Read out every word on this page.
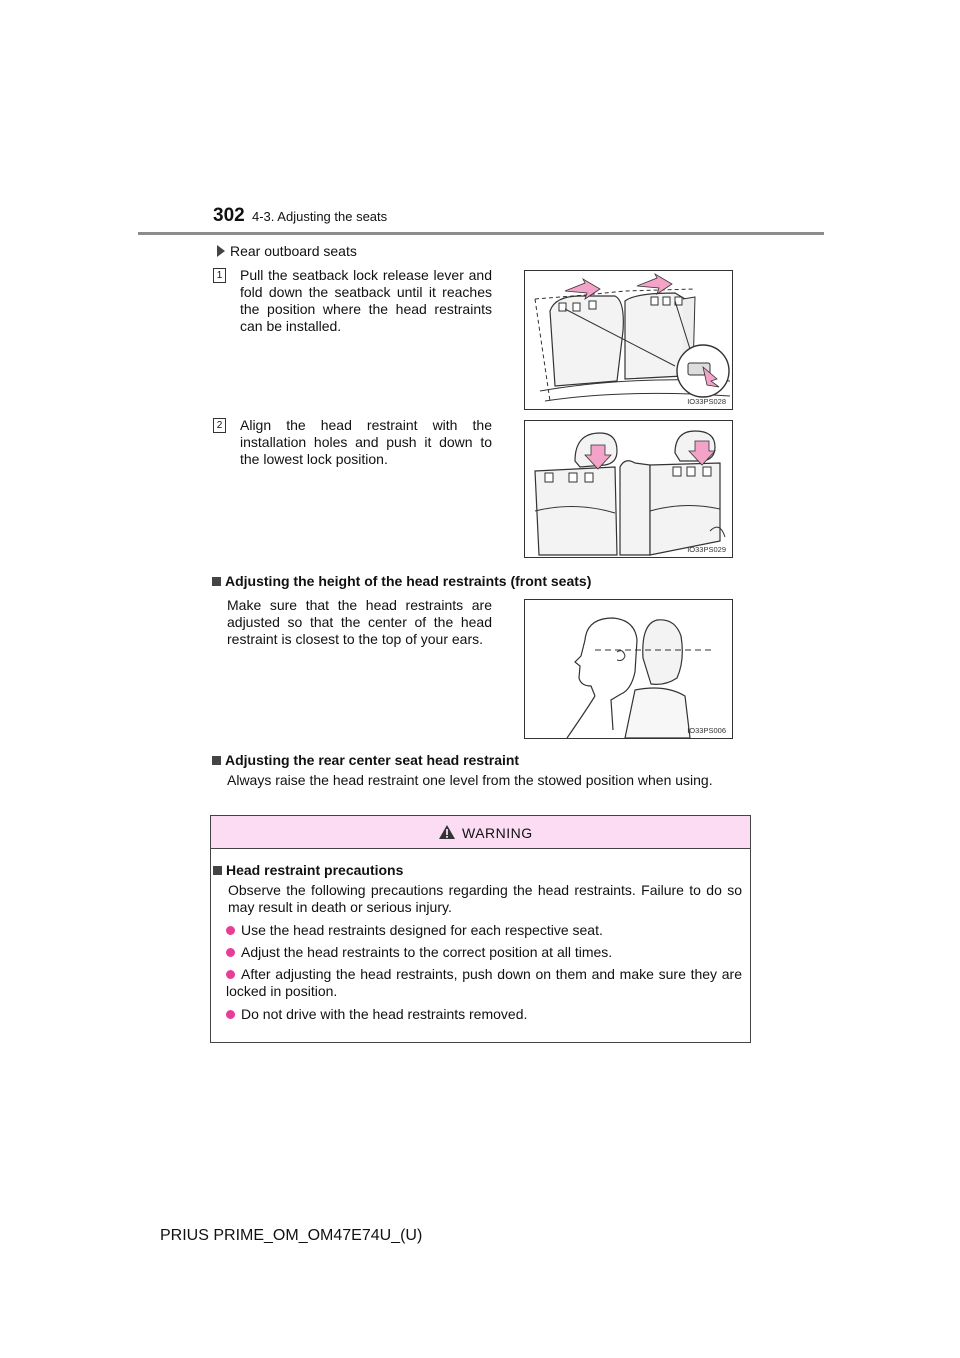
302 4-3. Adjusting the seats
Rear outboard seats
1 Pull the seatback lock release lever and fold down the seatback until it reaches the position where the head restraints can be installed.
IO33PS028
2 Align the head restraint with the installation holes and push it down to the lowest lock position.
IO33PS029
Adjusting the height of the head restraints (front seats)
Make sure that the head restraints are adjusted so that the center of the head restraint is closest to the top of your ears.
IO33PS006
Adjusting the rear center seat head restraint
Always raise the head restraint one level from the stowed position when using.
WARNING
Head restraint precautions
Observe the following precautions regarding the head restraints. Failure to do so may result in death or serious injury.
Use the head restraints designed for each respective seat.
Adjust the head restraints to the correct position at all times.
After adjusting the head restraints, push down on them and make sure they are locked in position.
Do not drive with the head restraints removed.
PRIUS PRIME_OM_OM47E74U_(U)
